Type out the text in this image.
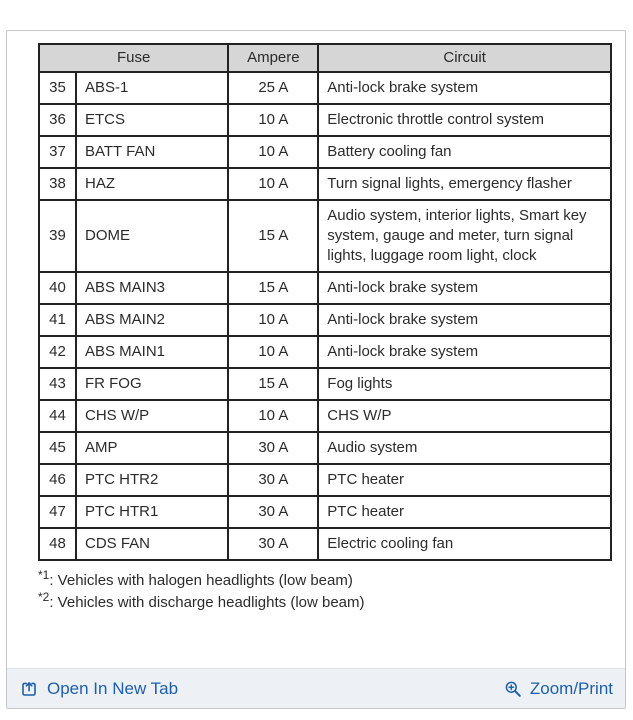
Fuse		Ampere	Circuit
35	ABS-1	25 A	Anti-lock brake system
36	ETCS	10 A	Electronic throttle control system
37	BATT FAN	10 A	Battery cooling fan
38	HAZ	10 A	Turn signal lights, emergency flasher
39	DOME	15 A	Audio system, interior lights, Smart key system, gauge and meter, turn signal lights, luggage room light, clock
40	ABS MAIN3	15 A	Anti-lock brake system
41	ABS MAIN2	10 A	Anti-lock brake system
42	ABS MAIN1	10 A	Anti-lock brake system
43	FR FOG	15 A	Fog lights
44	CHS W/P	10 A	CHS W/P
45	AMP	30 A	Audio system
46	PTC HTR2	30 A	PTC heater
47	PTC HTR1	30 A	PTC heater
48	CDS FAN	30 A	Electric cooling fan
$^{*1}$: Vehicles with halogen headlights (low beam)
$^{*2}$: Vehicles with discharge headlights (low beam)
Open In New Tab	Zoom/Print
